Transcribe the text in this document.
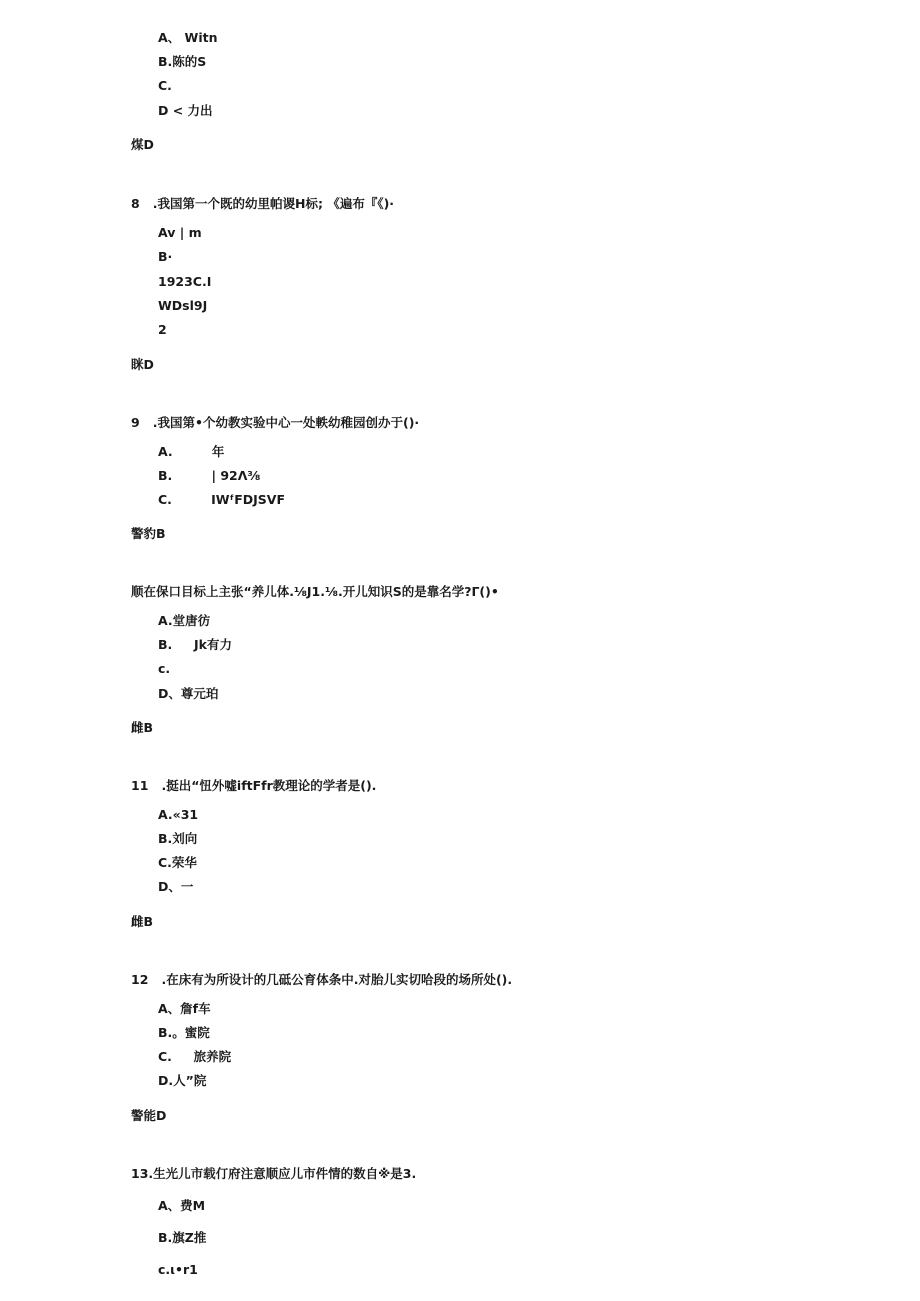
A、 Witn
B.陈的S
C.
D < 力出
煤D
8   .我国第一个既的幼里帕谡H标; 《遍布『《)·
Av | m
B·
1923C.I
WDsl9J
2
眯D
9   .我国第•个幼教实验中心一处軼幼稚园创办于()·
A.         年
B.         | 92Λ⅜
C.         IWᶠFDJSVF
警豹B
顺在保口目标上主张“养儿体.⅛J1.⅛.开儿知识S的是靠名学?Γ()•
A.堂唐彷
B.     Jk有力
c.
D、尊元珀
雌B
11   .挺出“忸外嘘iftFfr教理论的学者是().
A.«31
B.刘向
C.荣华
D、一
雌B
12   .在床有为所设计的几砥公育体条中.对胎儿实切哈段的场所处().
A、詹f车
B.。蜜院
C.     旅养院
D.人”院
警能D
13.生光儿市载仃府注意顺应儿市件情的数自※是3.
A、费M
B.旗Z推
c.ι•r1
